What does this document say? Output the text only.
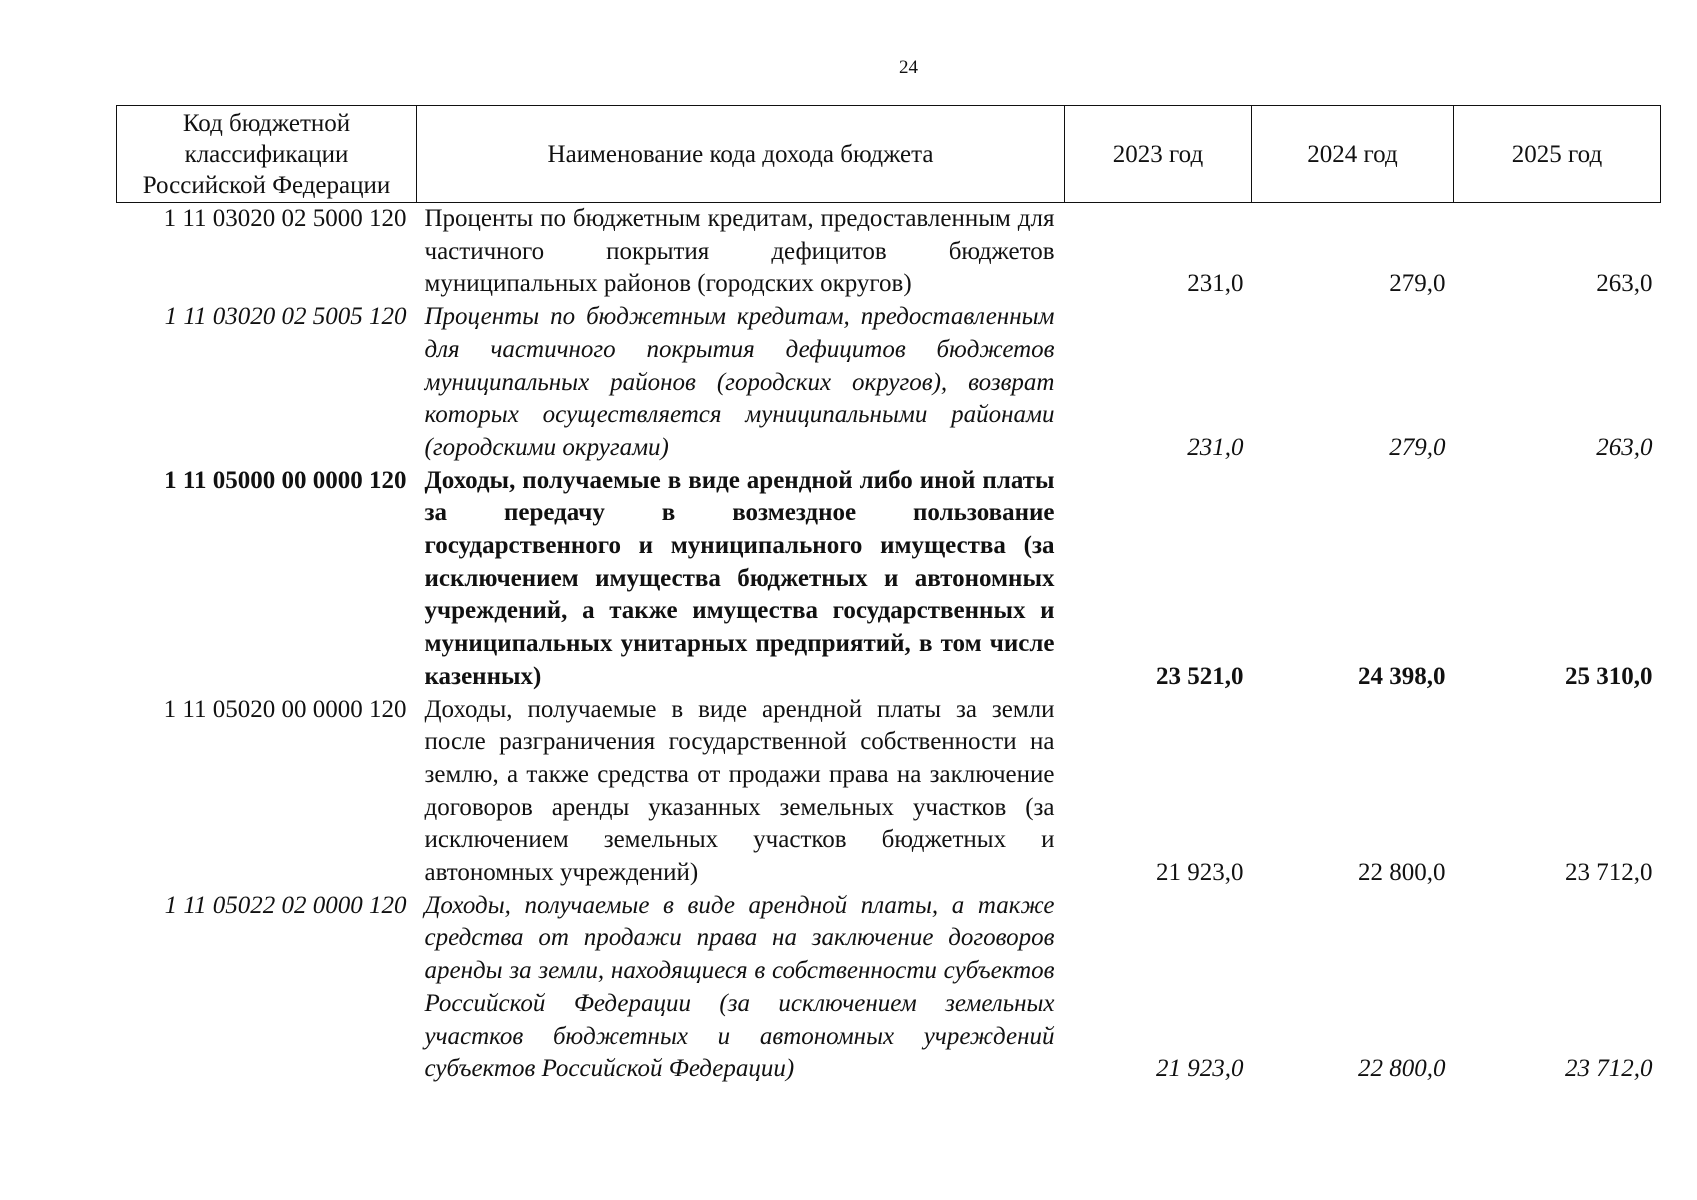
24
Код бюджетной классификации Российской Федерации	Наименование кода дохода бюджета	2023 год	2024 год	2025 год
1 11 03020 02 5000 120	Проценты по бюджетным кредитам, предоставленным для частичного покрытия дефицитов бюджетов муниципальных районов (городских округов)	231,0	279,0	263,0
1 11 03020 02 5005 120	Проценты по бюджетным кредитам, предоставленным для частичного покрытия дефицитов бюджетов муниципальных районов (городских округов), возврат которых осуществляется муниципальными районами (городскими округами)	231,0	279,0	263,0
1 11 05000 00 0000 120	Доходы, получаемые в виде арендной либо иной платы за передачу в возмездное пользование государственного и муниципального имущества (за исключением имущества бюджетных и автономных учреждений, а также имущества государственных и муниципальных унитарных предприятий, в том числе казенных)	23 521,0	24 398,0	25 310,0
1 11 05020 00 0000 120	Доходы, получаемые в виде арендной платы за земли после разграничения государственной собственности на землю, а также средства от продажи права на заключение договоров аренды указанных земельных участков (за исключением земельных участков бюджетных и автономных учреждений)	21 923,0	22 800,0	23 712,0
1 11 05022 02 0000 120	Доходы, получаемые в виде арендной платы, а также средства от продажи права на заключение договоров аренды за земли, находящиеся в собственности субъектов Российской Федерации (за исключением земельных участков бюджетных и автономных учреждений субъектов Российской Федерации)	21 923,0	22 800,0	23 712,0
